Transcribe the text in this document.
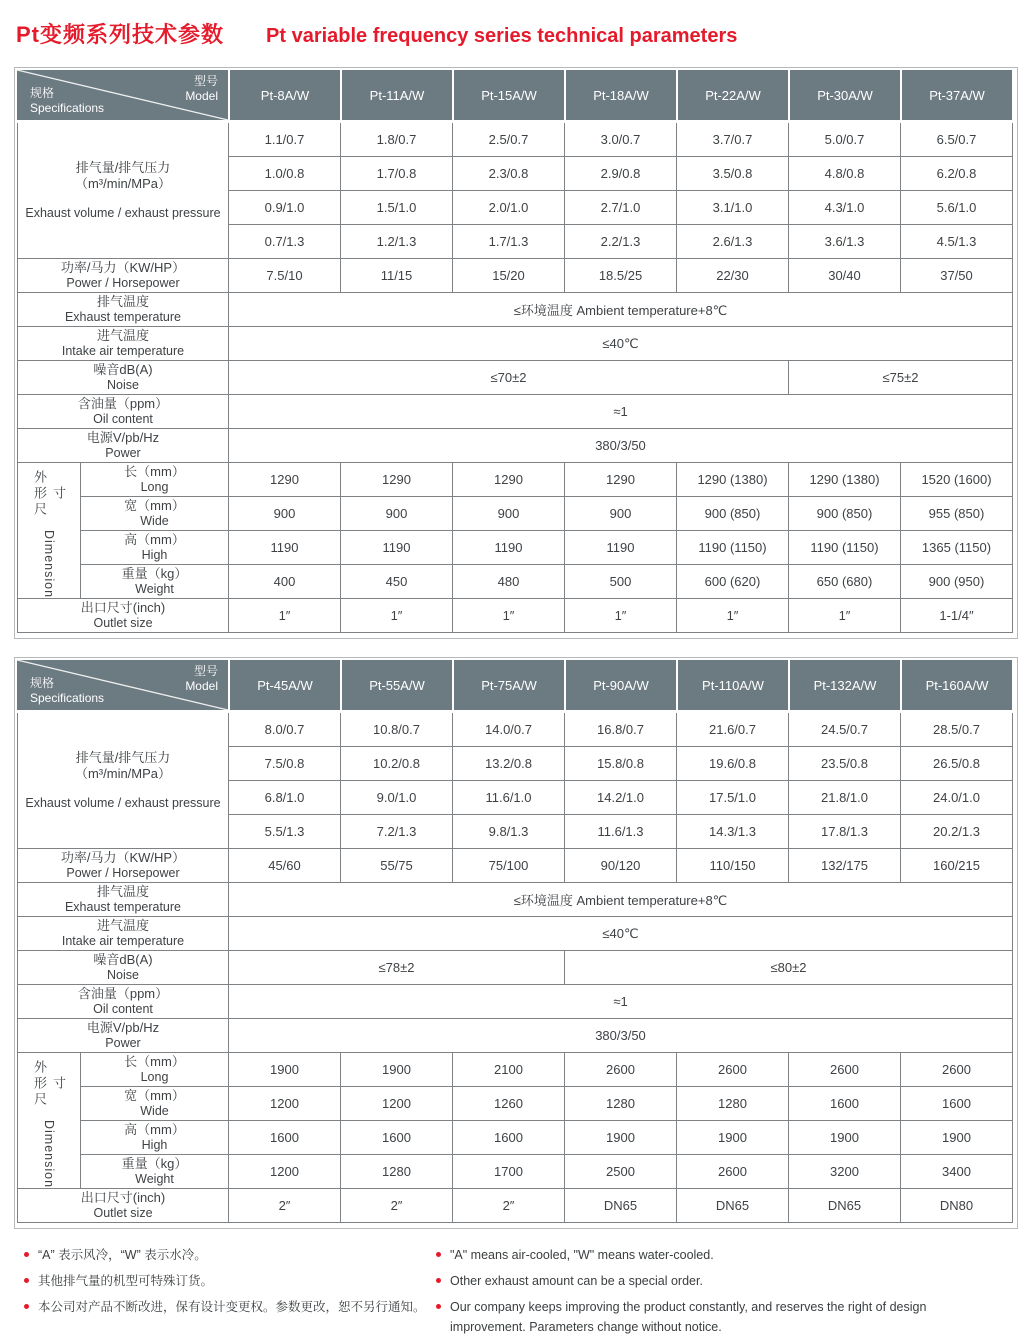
Pt变频系列技术参数 Pt variable frequency series technical parameters
型号
Model
规格
Specifications
Pt-8A/W	Pt-11A/W	Pt-15A/W	Pt-18A/W	Pt-22A/W	Pt-30A/W	Pt-37A/W
排气量/排气压力
（m³/min/MPa）
Exhaust volume / exhaust pressure		1.1/0.7	1.8/0.7	2.5/0.7	3.0/0.7	3.7/0.7	5.0/0.7	6.5/0.7
		1.0/0.8	1.7/0.8	2.3/0.8	2.9/0.8	3.5/0.8	4.8/0.8	6.2/0.8
		0.9/1.0	1.5/1.0	2.0/1.0	2.7/1.0	3.1/1.0	4.3/1.0	5.6/1.0
		0.7/1.3	1.2/1.3	1.7/1.3	2.2/1.3	2.6/1.3	3.6/1.3	4.5/1.3

功率/马力（KW/HP）
Power / Horsepower		7.5/10	11/15	15/20	18.5/25	22/30	30/40	37/50

排气温度
Exhaust temperature		≤环境温度 Ambient temperature+8℃						

进气温度
Intake air temperature		≤40℃						

噪音dB(A)
Noise		≤70±2					≤75±2	

含油量（ppm）
Oil content		≈1						

电源V/pb/Hz
Power		380/3/50						

外形尺寸
Dimension

长（mm）
Long	1290	1290	1290	1290	1290 (1380)	1290 (1380)	1520 (1600)

	宽（mm）
Wide	900	900	900	900	900 (850)	900 (850)	955 (850)

	高（mm）
High	1190	1190	1190	1190	1190 (1150)	1190 (1150)	1365 (1150)

	重量（kg）
Weight	400	450	480	500	600 (620)	650 (680)	900 (950)

出口尺寸(inch)
Outlet size		1″	1″	1″	1″	1″	1″	1-1/4″
型号
Model
规格
Specifications
Pt-45A/W	Pt-55A/W	Pt-75A/W	Pt-90A/W	Pt-110A/W	Pt-132A/W	Pt-160A/W
排气量/排气压力
（m³/min/MPa）
Exhaust volume / exhaust pressure		8.0/0.7	10.8/0.7	14.0/0.7	16.8/0.7	21.6/0.7	24.5/0.7	28.5/0.7
		7.5/0.8	10.2/0.8	13.2/0.8	15.8/0.8	19.6/0.8	23.5/0.8	26.5/0.8
		6.8/1.0	9.0/1.0	11.6/1.0	14.2/1.0	17.5/1.0	21.8/1.0	24.0/1.0
		5.5/1.3	7.2/1.3	9.8/1.3	11.6/1.3	14.3/1.3	17.8/1.3	20.2/1.3

功率/马力（KW/HP）
Power / Horsepower		45/60	55/75	75/100	90/120	110/150	132/175	160/215

排气温度
Exhaust temperature		≤环境温度 Ambient temperature+8℃						

进气温度
Intake air temperature		≤40℃						

噪音dB(A)
Noise		≤78±2			≤80±2			

含油量（ppm）
Oil content		≈1						

电源V/pb/Hz
Power		380/3/50						

外形尺寸
Dimension

长（mm）
Long	1900	1900	2100	2600	2600	2600	2600

	宽（mm）
Wide	1200	1200	1260	1280	1280	1600	1600

	高（mm）
High	1600	1600	1600	1900	1900	1900	1900

	重量（kg）
Weight	1200	1280	1700	2500	2600	3200	3400

出口尺寸(inch)
Outlet size		2″	2″	2″	DN65	DN65	DN65	DN80
“A” 表示风冷，“W” 表示水冷。
其他排气量的机型可特殊订货。
本公司对产品不断改进，保有设计变更权。参数更改，恕不另行通知。
"A" means air-cooled, "W" means water-cooled.
Other exhaust amount can be a special order.
Our company keeps improving the product constantly, and reserves the right of design improvement. Parameters change without notice.
